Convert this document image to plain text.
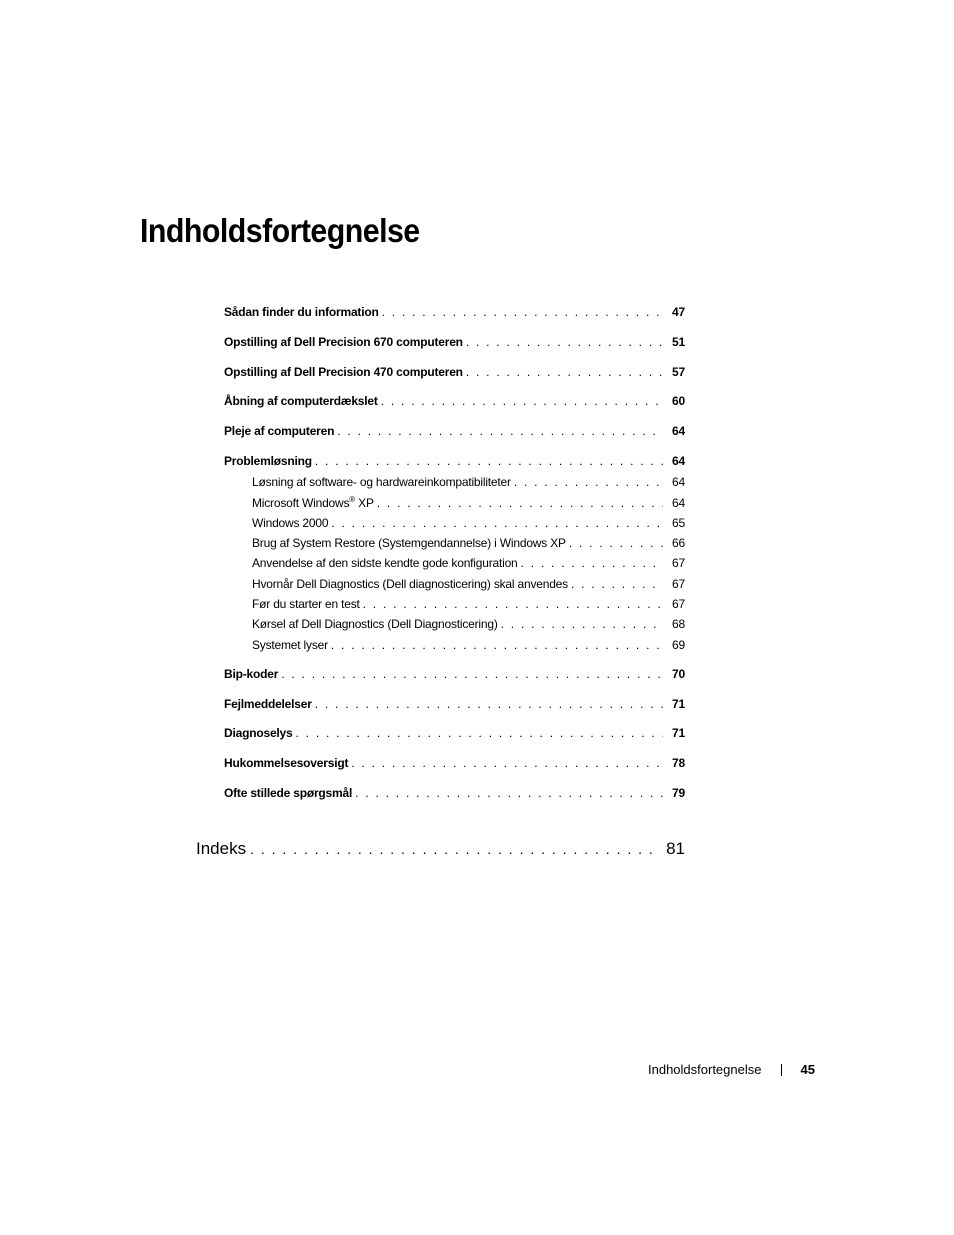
Indholdsfortegnelse
Sådan finder du information . . .	47
Opstilling af Dell Precision 670 computeren . . .	51
Opstilling af Dell Precision 470 computeren . . .	57
Åbning af computerdækslet . . .	60
Pleje af computeren . . .	64
Problemløsning . . .	64
Løsning af software- og hardwareinkompatibiliteter . . .	64
Microsoft Windows® XP . . .	64
Windows 2000 . . .	65
Brug af System Restore (Systemgendannelse) i Windows XP . . .	66
Anvendelse af den sidste kendte gode konfiguration . . .	67
Hvornår Dell Diagnostics (Dell diagnosticering) skal anvendes . . .	67
Før du starter en test . . .	67
Kørsel af Dell Diagnostics (Dell Diagnosticering) . . .	68
Systemet lyser . . .	69
Bip-koder . . .	70
Fejlmeddelelser . . .	71
Diagnoselys . . .	71
Hukommelsesoversigt . . .	78
Ofte stillede spørgsmål . . .	79
Indeks . . .	81
Indholdsfortegnelse	45
